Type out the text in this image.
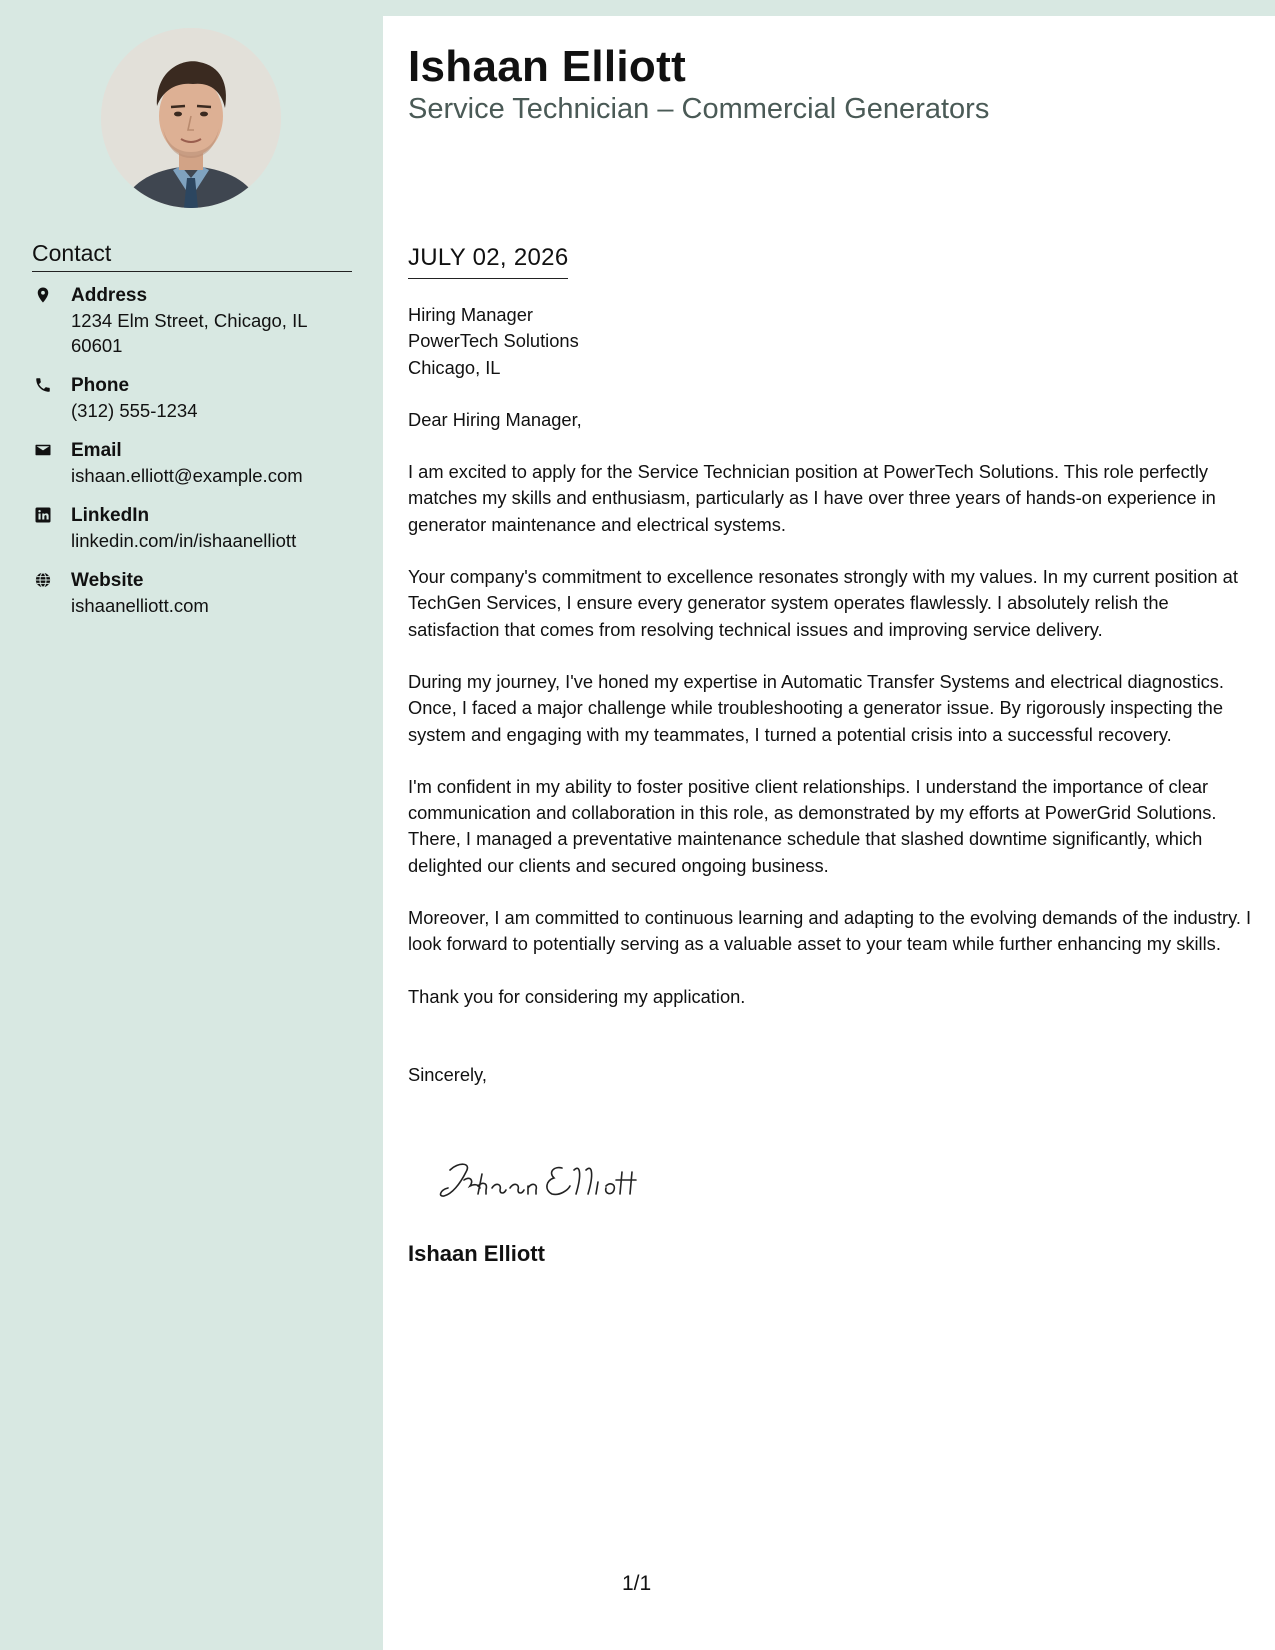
Contact
Address
1234 Elm Street, Chicago, IL 60601
Phone
(312) 555-1234
Email
ishaan.elliott@example.com
LinkedIn
linkedin.com/in/ishaanelliott
Website
ishaanelliott.com
Ishaan Elliott
Service Technician – Commercial Generators
JULY 02, 2026
Hiring Manager
PowerTech Solutions
Chicago, IL

Dear Hiring Manager,

I am excited to apply for the Service Technician position at PowerTech Solutions. This role perfectly matches my skills and enthusiasm, particularly as I have over three years of hands-on experience in generator maintenance and electrical systems.

Your company's commitment to excellence resonates strongly with my values. In my current position at TechGen Services, I ensure every generator system operates flawlessly. I absolutely relish the satisfaction that comes from resolving technical issues and improving service delivery.

During my journey, I've honed my expertise in Automatic Transfer Systems and electrical diagnostics. Once, I faced a major challenge while troubleshooting a generator issue. By rigorously inspecting the system and engaging with my teammates, I turned a potential crisis into a successful recovery.

I'm confident in my ability to foster positive client relationships. I understand the importance of clear communication and collaboration in this role, as demonstrated by my efforts at PowerGrid Solutions. There, I managed a preventative maintenance schedule that slashed downtime significantly, which delighted our clients and secured ongoing business.

Moreover, I am committed to continuous learning and adapting to the evolving demands of the industry. I look forward to potentially serving as a valuable asset to your team while further enhancing my skills.

Thank you for considering my application.

Sincerely,

Ishaan Elliott
1/1
